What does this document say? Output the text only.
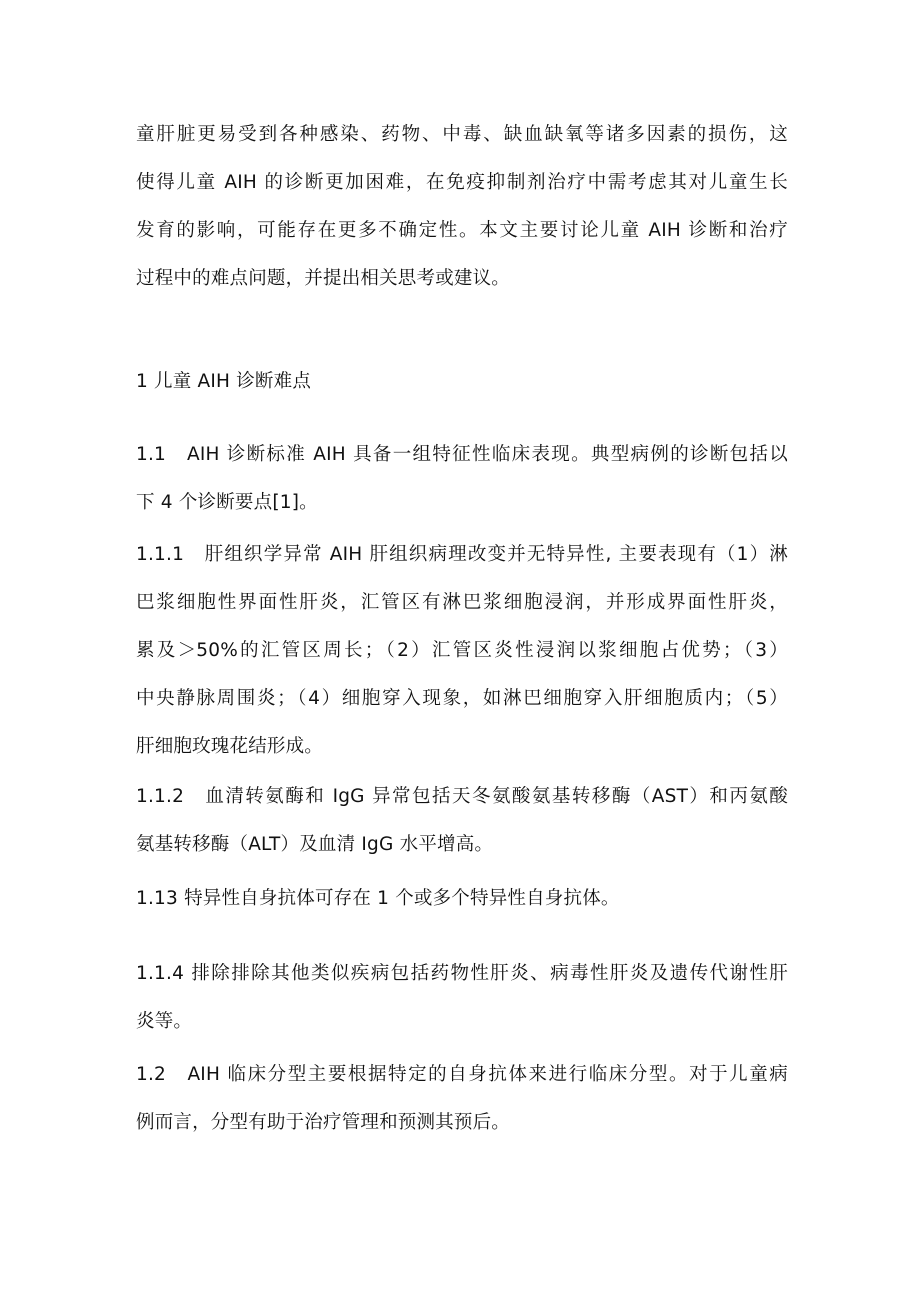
童肝脏更易受到各种感染、药物、中毒、缺血缺氧等诸多因素的损伤，这
使得儿童 AIH 的诊断更加困难，在免疫抑制剂治疗中需考虑其对儿童生长
发育的影响，可能存在更多不确定性。本文主要讨论儿童 AIH 诊断和治疗
过程中的难点问题，并提出相关思考或建议。
1 儿童 AIH 诊断难点
1.1　AIH 诊断标准 AIH 具备一组特征性临床表现。典型病例的诊断包括以
下 4 个诊断要点[1]。
1.1.1　肝组织学异常 AIH 肝组织病理改变并无特异性, 主要表现有（1）淋
巴浆细胞性界面性肝炎，汇管区有淋巴浆细胞浸润，并形成界面性肝炎，
累及＞50%的汇管区周长；（2）汇管区炎性浸润以浆细胞占优势；（3）
中央静脉周围炎；（4）细胞穿入现象，如淋巴细胞穿入肝细胞质内；（5）
肝细胞玫瑰花结形成。
1.1.2　血清转氨酶和 IgG 异常包括天冬氨酸氨基转移酶（AST）和丙氨酸
氨基转移酶（ALT）及血清 IgG 水平增高。
1.13 特异性自身抗体可存在 1 个或多个特异性自身抗体。
1.1.4 排除排除其他类似疾病包括药物性肝炎、病毒性肝炎及遗传代谢性肝
炎等。
1.2　AIH 临床分型主要根据特定的自身抗体来进行临床分型。对于儿童病
例而言，分型有助于治疗管理和预测其预后。
